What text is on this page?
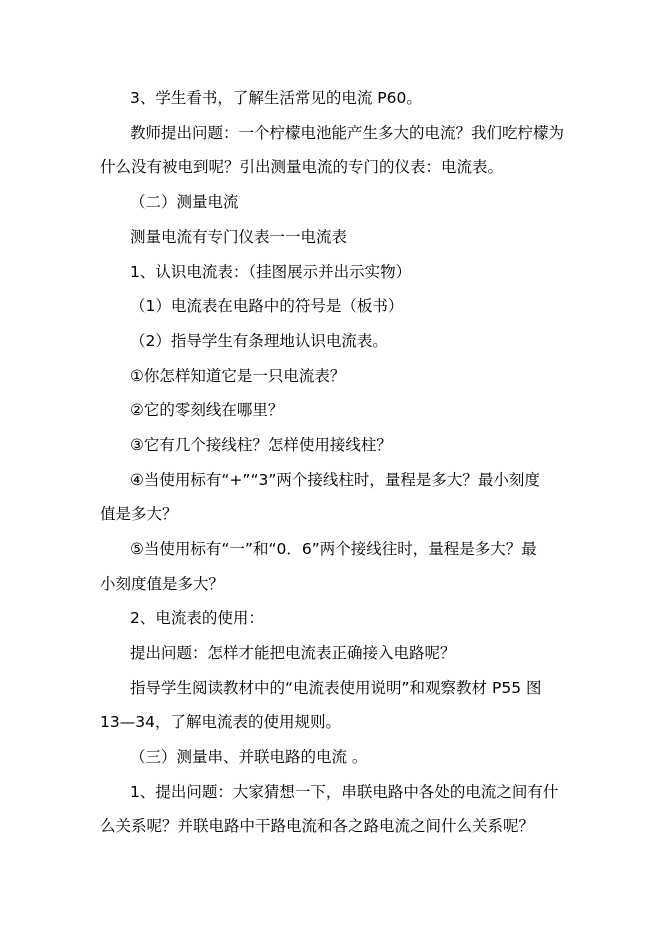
3、学生看书，了解生活常见的电流 P60。
教师提出问题：一个柠檬电池能产生多大的电流？我们吃柠檬为
什么没有被电到呢？引出测量电流的专门的仪表：电流表。
（二）测量电流
测量电流有专门仪表一一电流表
1、认识电流表：（挂图展示并出示实物）
（1）电流表在电路中的符号是（板书）
（2）指导学生有条理地认识电流表。
①你怎样知道它是一只电流表？
②它的零刻线在哪里？
③它有几个接线柱？怎样使用接线柱？
④当使用标有“+”“3”两个接线柱时，量程是多大？最小刻度
值是多大？
⑤当使用标有“一”和“0．6”两个接线往时，量程是多大？最
小刻度值是多大？
2、电流表的使用：
提出问题：怎样才能把电流表正确接入电路呢？
指导学生阅读教材中的“电流表使用说明”和观察教材 P55 图
13—34，了解电流表的使用规则。
（三）测量串、并联电路的电流 。
1、提出问题：大家猜想一下，串联电路中各处的电流之间有什
么关系呢？并联电路中干路电流和各之路电流之间什么关系呢？
